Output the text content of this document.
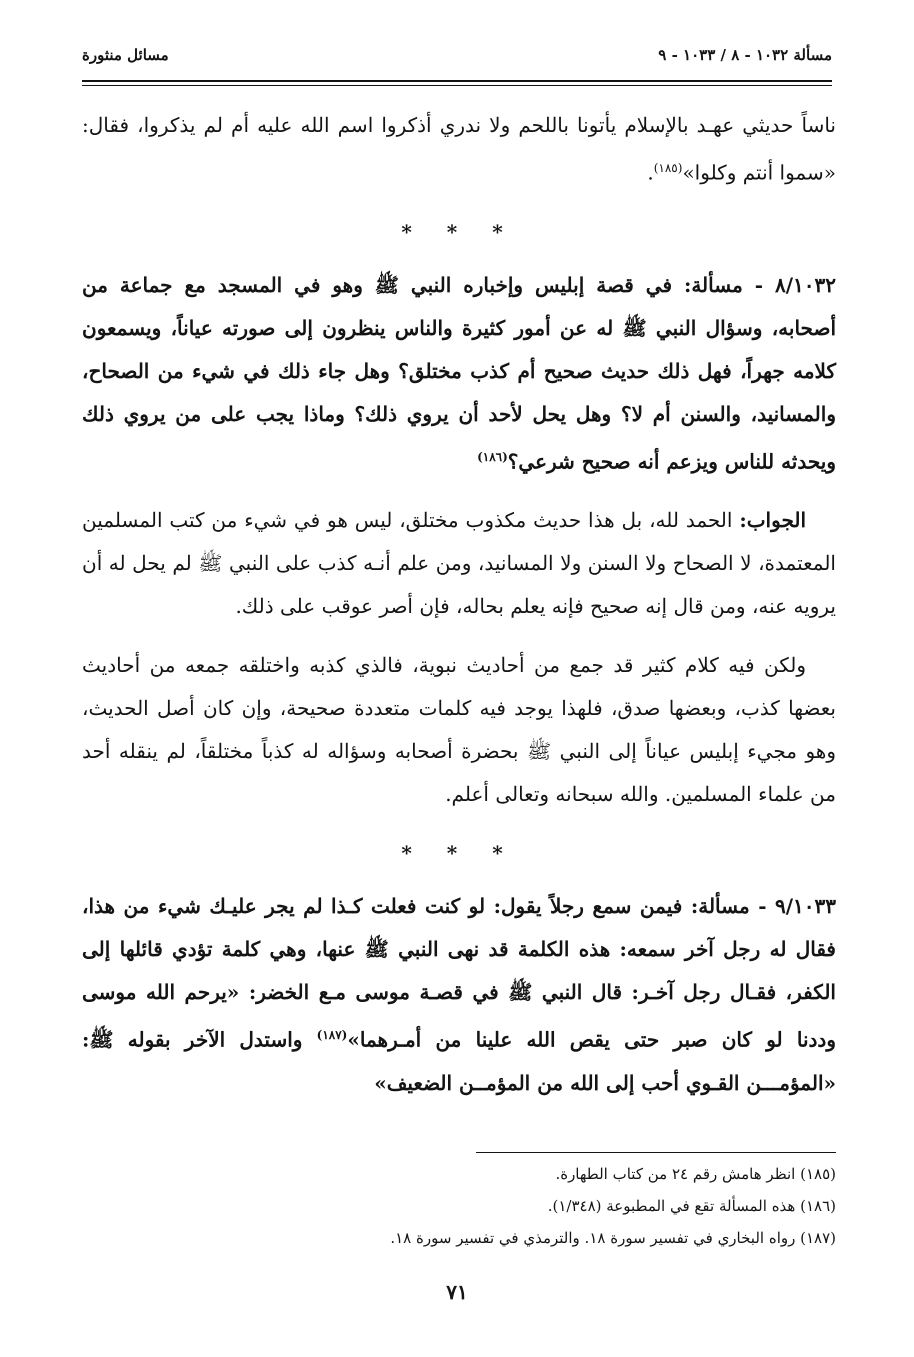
مسألة ١٠٣٢ - ٨ / ١٠٣٣ - ٩
مسائل منثورة

ناساً حديثي عهـد بالإسلام يأتونا باللحم ولا ندري أذكروا اسم الله عليه أم لم يذكروا، فقال: «سموا أنتم وكلوا»$^{(١٨٥)}$.

* * *

٨/١٠٣٢ - مسألة: في قصة إبليس وإخباره النبي ﷺ وهو في المسجد مع جماعة من أصحابه، وسؤال النبي ﷺ له عن أمور كثيرة والناس ينظرون إلى صورته عياناً، ويسمعون كلامه جهراً، فهل ذلك حديث صحيح أم كذب مختلق؟ وهل جاء ذلك في شيء من الصحاح، والمسانيد، والسنن أم لا؟ وهل يحل لأحد أن يروي ذلك؟ وماذا يجب على من يروي ذلك ويحدثه للناس ويزعم أنه صحيح شرعي؟$^{(١٨٦)}$

الجواب: الحمد لله، بل هذا حديث مكذوب مختلق، ليس هو في شيء من كتب المسلمين المعتمدة، لا الصحاح ولا السنن ولا المسانيد، ومن علم أنـه كذب على النبي ﷺ لم يحل له أن يرويه عنه، ومن قال إنه صحيح فإنه يعلم بحاله، فإن أصر عوقب على ذلك.

ولكن فيه كلام كثير قد جمع من أحاديث نبوية، فالذي كذبه واختلقه جمعه من أحاديث بعضها كذب، وبعضها صدق، فلهذا يوجد فيه كلمات متعددة صحيحة، وإن كان أصل الحديث، وهو مجيء إبليس عياناً إلى النبي ﷺ بحضرة أصحابه وسؤاله له كذباً مختلقاً، لم ينقله أحد من علماء المسلمين. والله سبحانه وتعالى أعلم.

* * *

٩/١٠٣٣ - مسألة: فيمن سمع رجلاً يقول: لو كنت فعلت كـذا لم يجر عليـك شيء من هذا، فقال له رجل آخر سمعه: هذه الكلمة قد نهى النبي ﷺ عنها، وهي كلمة تؤدي قائلها إلى الكفر، فقـال رجل آخـر: قال النبي ﷺ في قصـة موسى مـع الخضر: «يرحم الله موسى وددنا لو كان صبر حتى يقص الله علينا من أمـرهما»$^{(١٨٧)}$ واستدل الآخر بقوله ﷺ: «المؤمـــن القـوي أحب إلى الله من المؤمــن الضعيف»

(١٨٥) انظر هامش رقم ٢٤ من كتاب الطهارة.
(١٨٦) هذه المسألة تقع في المطبوعة (١/٣٤٨).
(١٨٧) رواه البخاري في تفسير سورة ١٨. والترمذي في تفسير سورة ١٨.
٧١
